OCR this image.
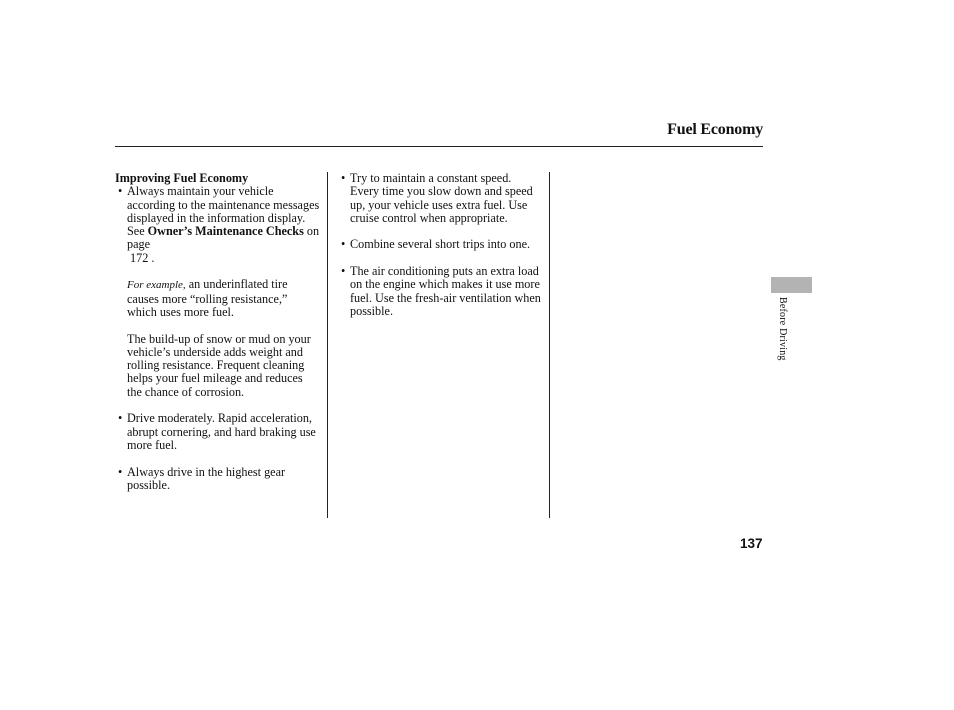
Fuel Economy
Improving Fuel Economy
• Always maintain your vehicle according to the maintenance messages displayed in the information display. See Owner’s Maintenance Checks on page
172 .
For example, an underinflated tire causes more “rolling resistance,” which uses more fuel.
The build-up of snow or mud on your vehicle’s underside adds weight and rolling resistance. Frequent cleaning helps your fuel mileage and reduces the chance of corrosion.
• Drive moderately. Rapid acceleration, abrupt cornering, and hard braking use more fuel.
• Always drive in the highest gear possible.
• Try to maintain a constant speed. Every time you slow down and speed up, your vehicle uses extra fuel. Use cruise control when appropriate.
• Combine several short trips into one.
• The air conditioning puts an extra load on the engine which makes it use more fuel. Use the fresh-air ventilation when possible.	Before Driving
137
